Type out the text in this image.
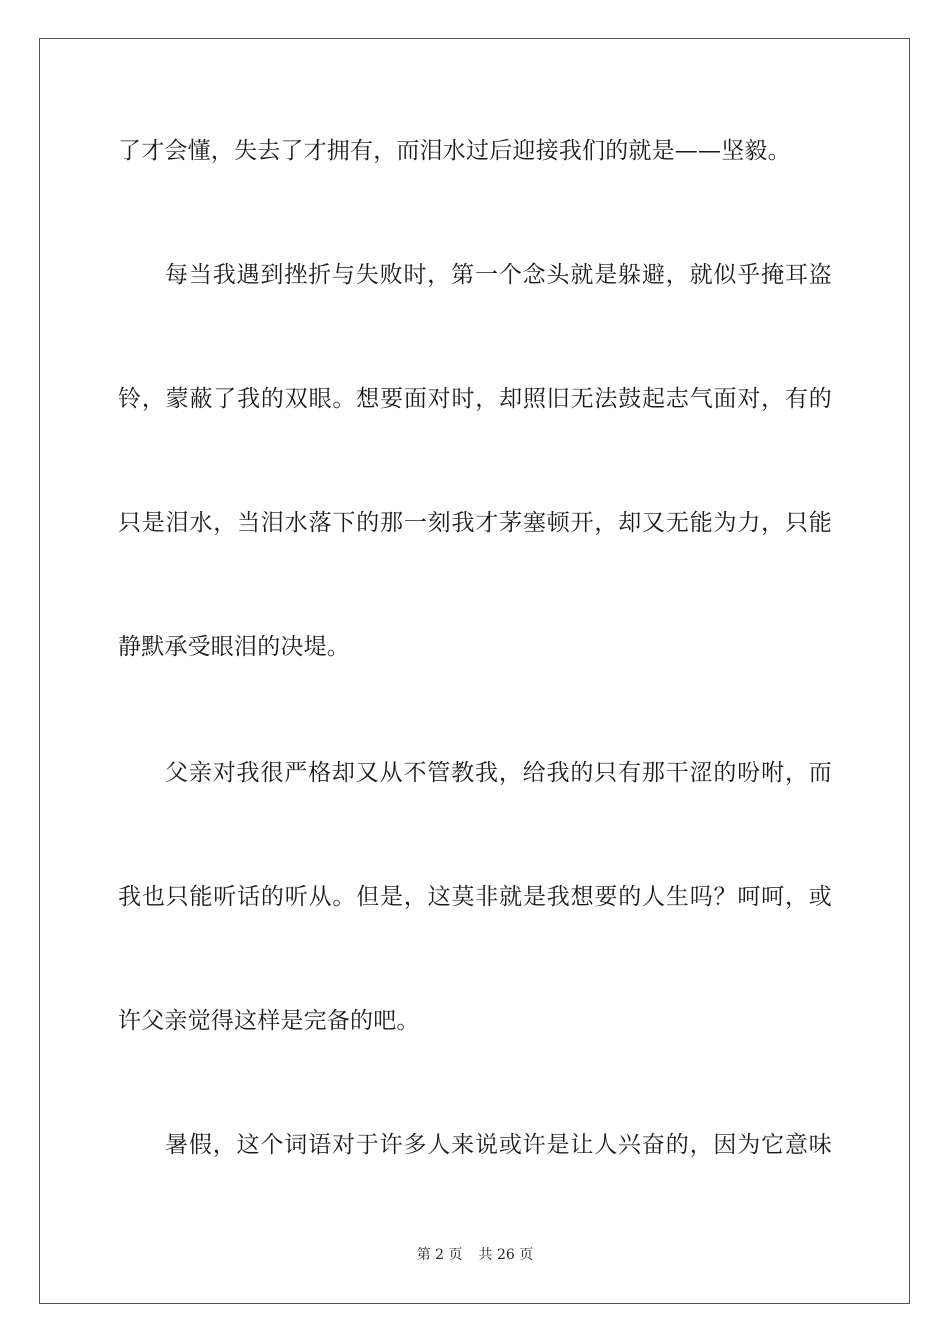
了才会懂，失去了才拥有，而泪水过后迎接我们的就是——坚毅。
每当我遇到挫折与失败时，第一个念头就是躲避，就似乎掩耳盗
铃，蒙蔽了我的双眼。想要面对时，却照旧无法鼓起志气面对，有的
只是泪水，当泪水落下的那一刻我才茅塞顿开，却又无能为力，只能
静默承受眼泪的决堤。
父亲对我很严格却又从不管教我，给我的只有那干涩的吩咐，而
我也只能听话的听从。但是，这莫非就是我想要的人生吗？呵呵，或
许父亲觉得这样是完备的吧。
暑假，这个词语对于许多人来说或许是让人兴奋的，因为它意味
第 2 页 共 26 页
